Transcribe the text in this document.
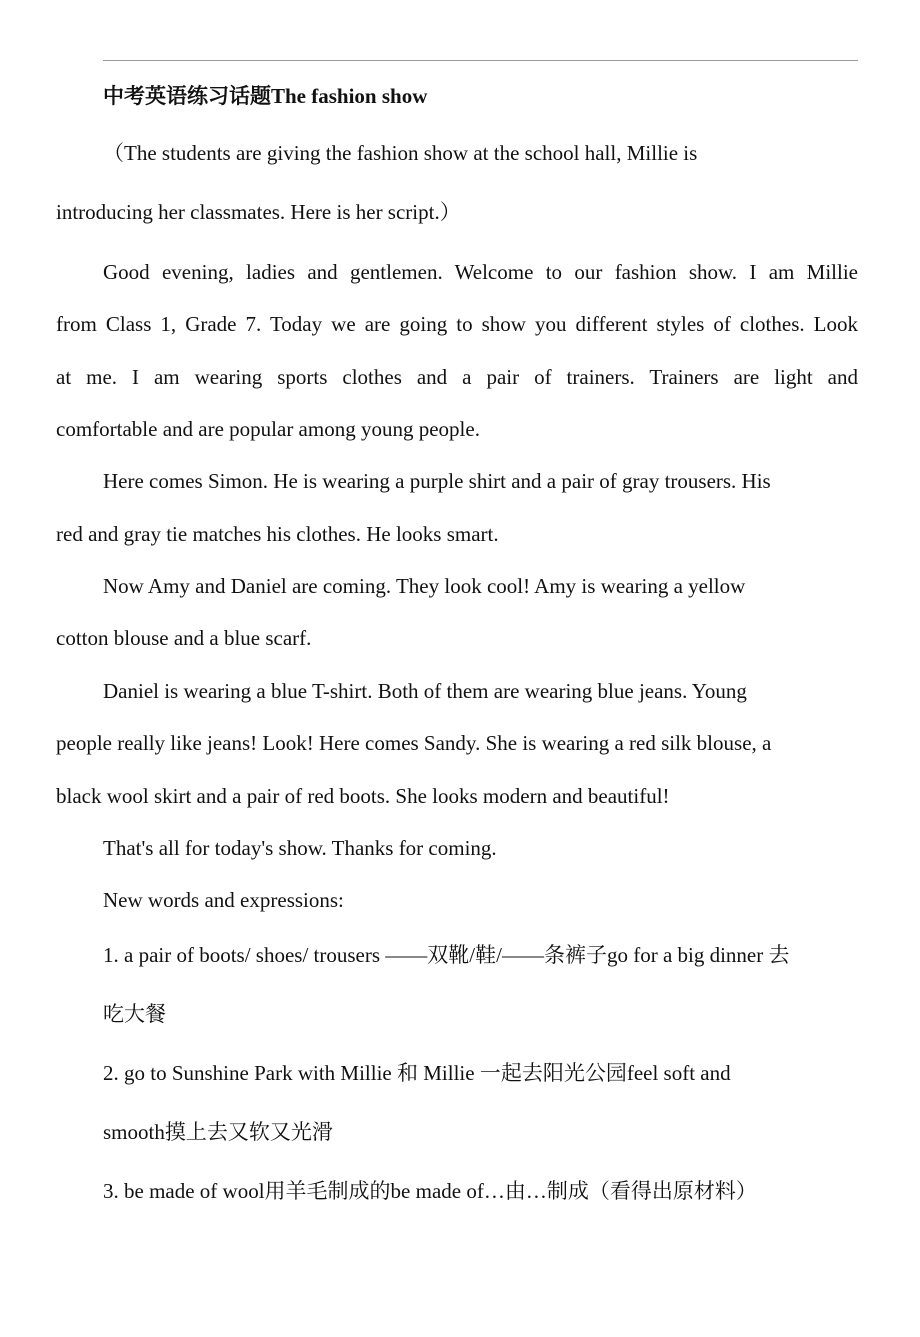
中考英语练习话题The fashion show
（The students are giving the fashion show at the school hall, Millie is
introducing her classmates. Here is her script.）
Good evening, ladies and gentlemen. Welcome to our fashion show. I am Millie
from Class 1, Grade 7. Today we are going to show you different styles of clothes. Look
at me. I am wearing sports clothes and a pair of trainers. Trainers are light and
comfortable and are popular among young people.
Here comes Simon. He is wearing a purple shirt and a pair of gray trousers. His
red and gray tie matches his clothes. He looks smart.
Now Amy and Daniel are coming. They look cool! Amy is wearing a yellow
cotton blouse and a blue scarf.
Daniel is wearing a blue T-shirt. Both of them are wearing blue jeans. Young
people really like jeans! Look! Here comes Sandy. She is wearing a red silk blouse, a
black wool skirt and a pair of red boots. She looks modern and beautiful!
That's all for today's show. Thanks for coming.
New words and expressions:
1. a pair of boots/ shoes/ trousers ——双靴/鞋/——条裤子go for a big dinner 去
吃大餐
2. go to Sunshine Park with Millie 和 Millie 一起去阳光公园feel soft and
smooth摸上去又软又光滑
3. be made of wool用羊毛制成的be made of…由…制成（看得出原材料）
